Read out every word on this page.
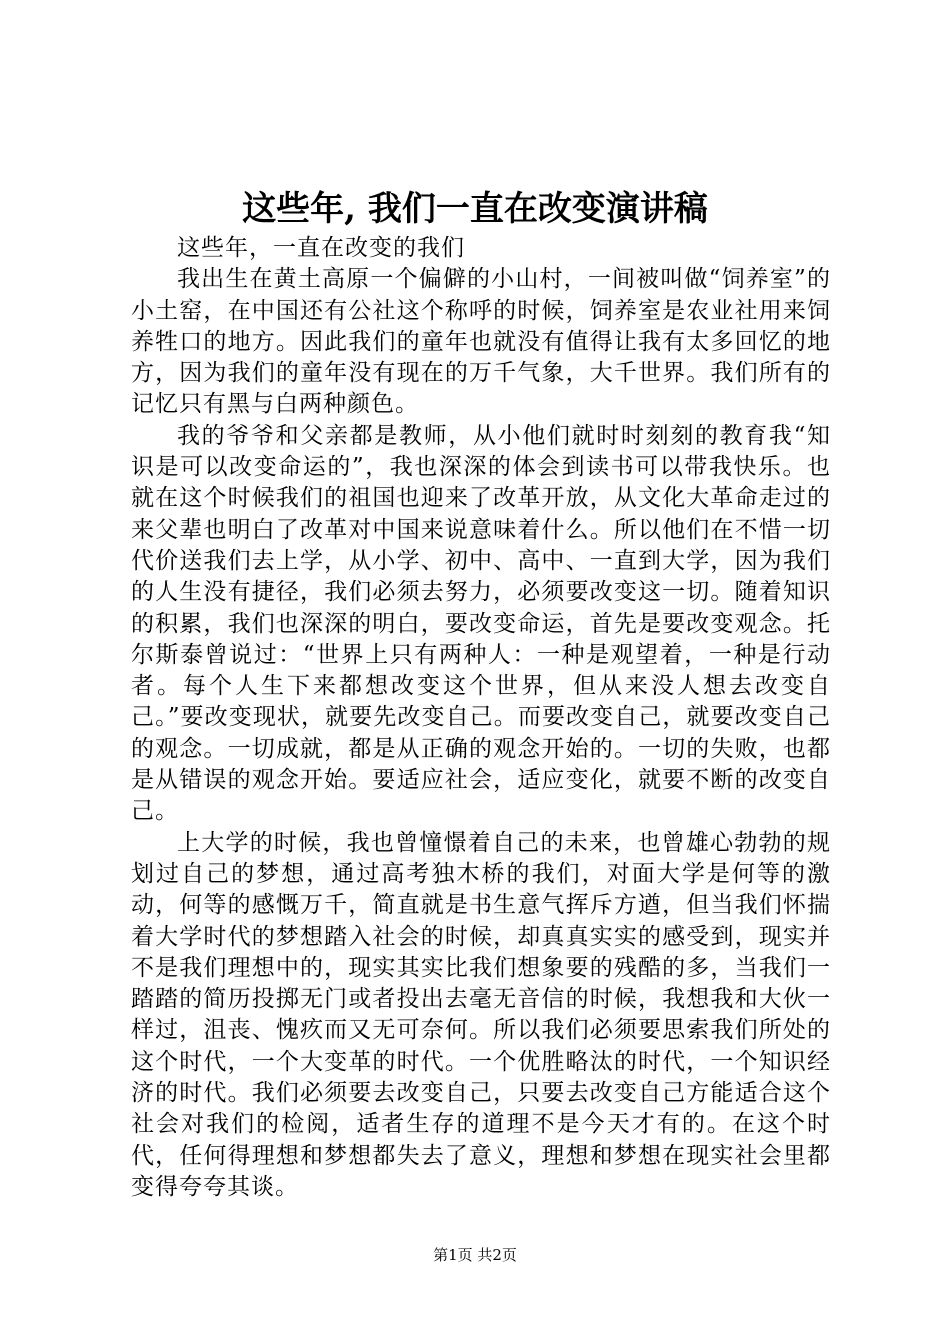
这些年, 我们一直在改变演讲稿

这些年，一直在改变的我们

我出生在黄土高原一个偏僻的小山村，一间被叫做“饲养室”的小土窑，在中国还有公社这个称呼的时候，饲养室是农业社用来饲养牲口的地方。因此我们的童年也就没有值得让我有太多回忆的地方，因为我们的童年没有现在的万千气象，大千世界。我们所有的记忆只有黑与白两种颜色。

我的爷爷和父亲都是教师，从小他们就时时刻刻的教育我“知识是可以改变命运的”，我也深深的体会到读书可以带我快乐。也就在这个时候我们的祖国也迎来了改革开放，从文化大革命走过的来父辈也明白了改革对中国来说意味着什么。所以他们在不惜一切代价送我们去上学，从小学、初中、高中、一直到大学，因为我们的人生没有捷径，我们必须去努力，必须要改变这一切。随着知识的积累，我们也深深的明白，要改变命运，首先是要改变观念。托尔斯泰曾说过：“世界上只有两种人：一种是观望着，一种是行动者。每个人生下来都想改变这个世界，但从来没人想去改变自己。”要改变现状，就要先改变自己。而要改变自己，就要改变自己的观念。一切成就，都是从正确的观念开始的。一切的失败，也都是从错误的观念开始。要适应社会，适应变化，就要不断的改变自己。

上大学的时候，我也曾憧憬着自己的未来，也曾雄心勃勃的规划过自己的梦想，通过高考独木桥的我们，对面大学是何等的激动，何等的感慨万千，简直就是书生意气挥斥方遒，但当我们怀揣着大学时代的梦想踏入社会的时候，却真真实实的感受到，现实并不是我们理想中的，现实其实比我们想象要的残酷的多，当我们一踏踏的简历投掷无门或者投出去毫无音信的时候，我想我和大伙一样过，沮丧、愧疚而又无可奈何。所以我们必须要思索我们所处的这个时代，一个大变革的时代。一个优胜略汰的时代，一个知识经济的时代。我们必须要去改变自己，只要去改变自己方能适合这个社会对我们的检阅，适者生存的道理不是今天才有的。在这个时代，任何得理想和梦想都失去了意义，理想和梦想在现实社会里都变得夸夸其谈。

第1页 共2页
